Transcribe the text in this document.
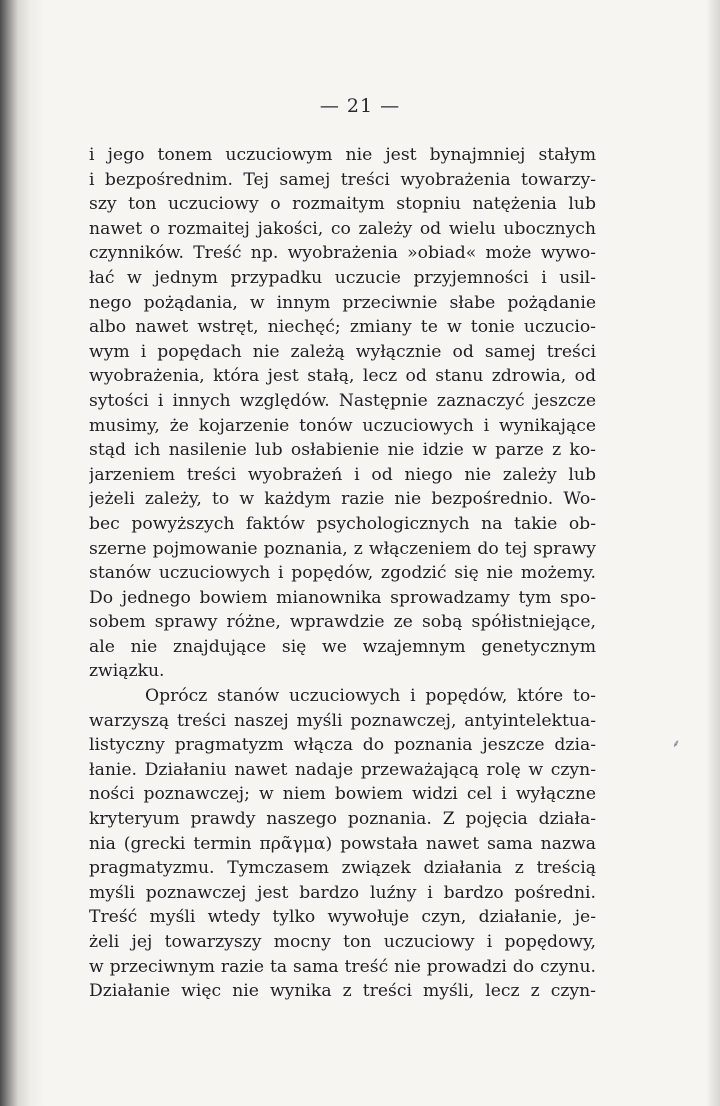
— 21 —
i jego tonem uczuciowym nie jest bynajmniej stałym
i bezpośrednim. Tej samej treści wyobrażenia towarzy-
szy ton uczuciowy o rozmaitym stopniu natężenia lub
nawet o rozmaitej jakości, co zależy od wielu ubocznych
czynników. Treść np. wyobrażenia »obiad« może wywo-
łać w jednym przypadku uczucie przyjemności i usil-
nego pożądania, w innym przeciwnie słabe pożądanie
albo nawet wstręt, niechęć; zmiany te w tonie uczucio-
wym i popędach nie zależą wyłącznie od samej treści
wyobrażenia, która jest stałą, lecz od stanu zdrowia, od
sytości i innych względów. Następnie zaznaczyć jeszcze
musimy, że kojarzenie tonów uczuciowych i wynikające
stąd ich nasilenie lub osłabienie nie idzie w parze z ko-
jarzeniem treści wyobrażeń i od niego nie zależy lub
jeżeli zależy, to w każdym razie nie bezpośrednio. Wo-
bec powyższych faktów psychologicznych na takie ob-
szerne pojmowanie poznania, z włączeniem do tej sprawy
stanów uczuciowych i popędów, zgodzić się nie możemy.
Do jednego bowiem mianownika sprowadzamy tym spo-
sobem sprawy różne, wprawdzie ze sobą spółistniejące,
ale nie znajdujące się we wzajemnym genetycznym
związku.
Oprócz stanów uczuciowych i popędów, które to-
warzyszą treści naszej myśli poznawczej, antyintelektua-
listyczny pragmatyzm włącza do poznania jeszcze dzia-
łanie. Działaniu nawet nadaje przeważającą rolę w czyn-
ności poznawczej; w niem bowiem widzi cel i wyłączne
kryteryum prawdy naszego poznania. Z pojęcia działa-
nia (grecki termin πρᾶγμα) powstała nawet sama nazwa
pragmatyzmu. Tymczasem związek działania z treścią
myśli poznawczej jest bardzo luźny i bardzo pośredni.
Treść myśli wtedy tylko wywołuje czyn, działanie, je-
żeli jej towarzyszy mocny ton uczuciowy i popędowy,
w przeciwnym razie ta sama treść nie prowadzi do czynu.
Działanie więc nie wynika z treści myśli, lecz z czyn-
⸙
